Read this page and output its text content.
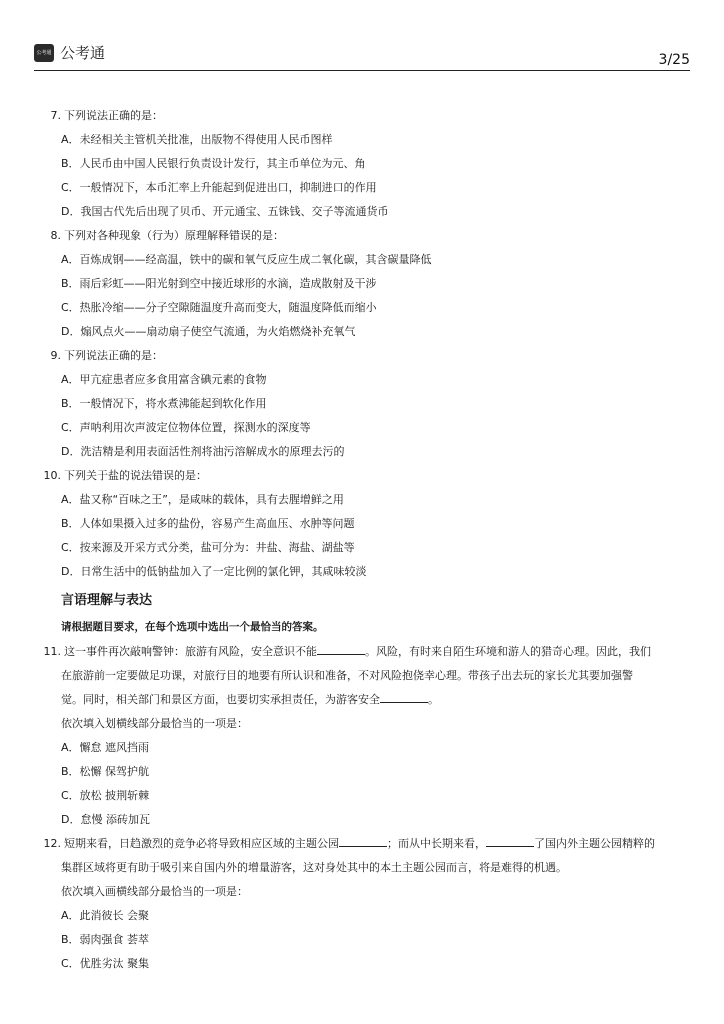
公考通 公考通	3/25
7. 下列说法正确的是：
A．未经相关主管机关批准，出版物不得使用人民币图样
B．人民币由中国人民银行负责设计发行，其主币单位为元、角
C．一般情况下，本币汇率上升能起到促进出口，抑制进口的作用
D．我国古代先后出现了贝币、开元通宝、五铢钱、交子等流通货币
8. 下列对各种现象（行为）原理解释错误的是：
A．百炼成钢——经高温，铁中的碳和氧气反应生成二氧化碳，其含碳量降低
B．雨后彩虹——阳光射到空中接近球形的水滴，造成散射及干涉
C．热胀冷缩——分子空隙随温度升高而变大，随温度降低而缩小
D．煽风点火——扇动扇子使空气流通，为火焰燃烧补充氧气
9. 下列说法正确的是：
A．甲亢症患者应多食用富含碘元素的食物
B．一般情况下，将水煮沸能起到软化作用
C．声呐利用次声波定位物体位置，探测水的深度等
D．洗洁精是利用表面活性剂将油污溶解成水的原理去污的
10. 下列关于盐的说法错误的是：
A．盐又称“百味之王”，是咸味的载体，具有去腥增鲜之用
B．人体如果摄入过多的盐份，容易产生高血压、水肿等问题
C．按来源及开采方式分类，盐可分为：井盐、海盐、湖盐等
D．日常生活中的低钠盐加入了一定比例的氯化钾，其咸味较淡
言语理解与表达
请根据题目要求，在每个选项中选出一个最恰当的答案。
11. 这一事件再次敲响警钟：旅游有风险，安全意识不能	。风险，有时来自陌生环境和游人的猎奇心理。因此，我们
在旅游前一定要做足功课，对旅行目的地要有所认识和准备，不对风险抱侥幸心理。带孩子出去玩的家长尤其要加强警
觉。同时，相关部门和景区方面，也要切实承担责任，为游客安全	。
依次填入划横线部分最恰当的一项是：
A．懈怠 遮风挡雨
B．松懈 保驾护航
C．放松 披荆斩棘
D．怠慢 添砖加瓦
12. 短期来看，日趋激烈的竞争必将导致相应区域的主题公园	；而从中长期来看，	了国内外主题公园精粹的
集群区域将更有助于吸引来自国内外的增量游客，这对身处其中的本土主题公园而言，将是难得的机遇。
依次填入画横线部分最恰当的一项是：
A．此消彼长 会聚
B．弱肉强食 荟萃
C．优胜劣汰 聚集
